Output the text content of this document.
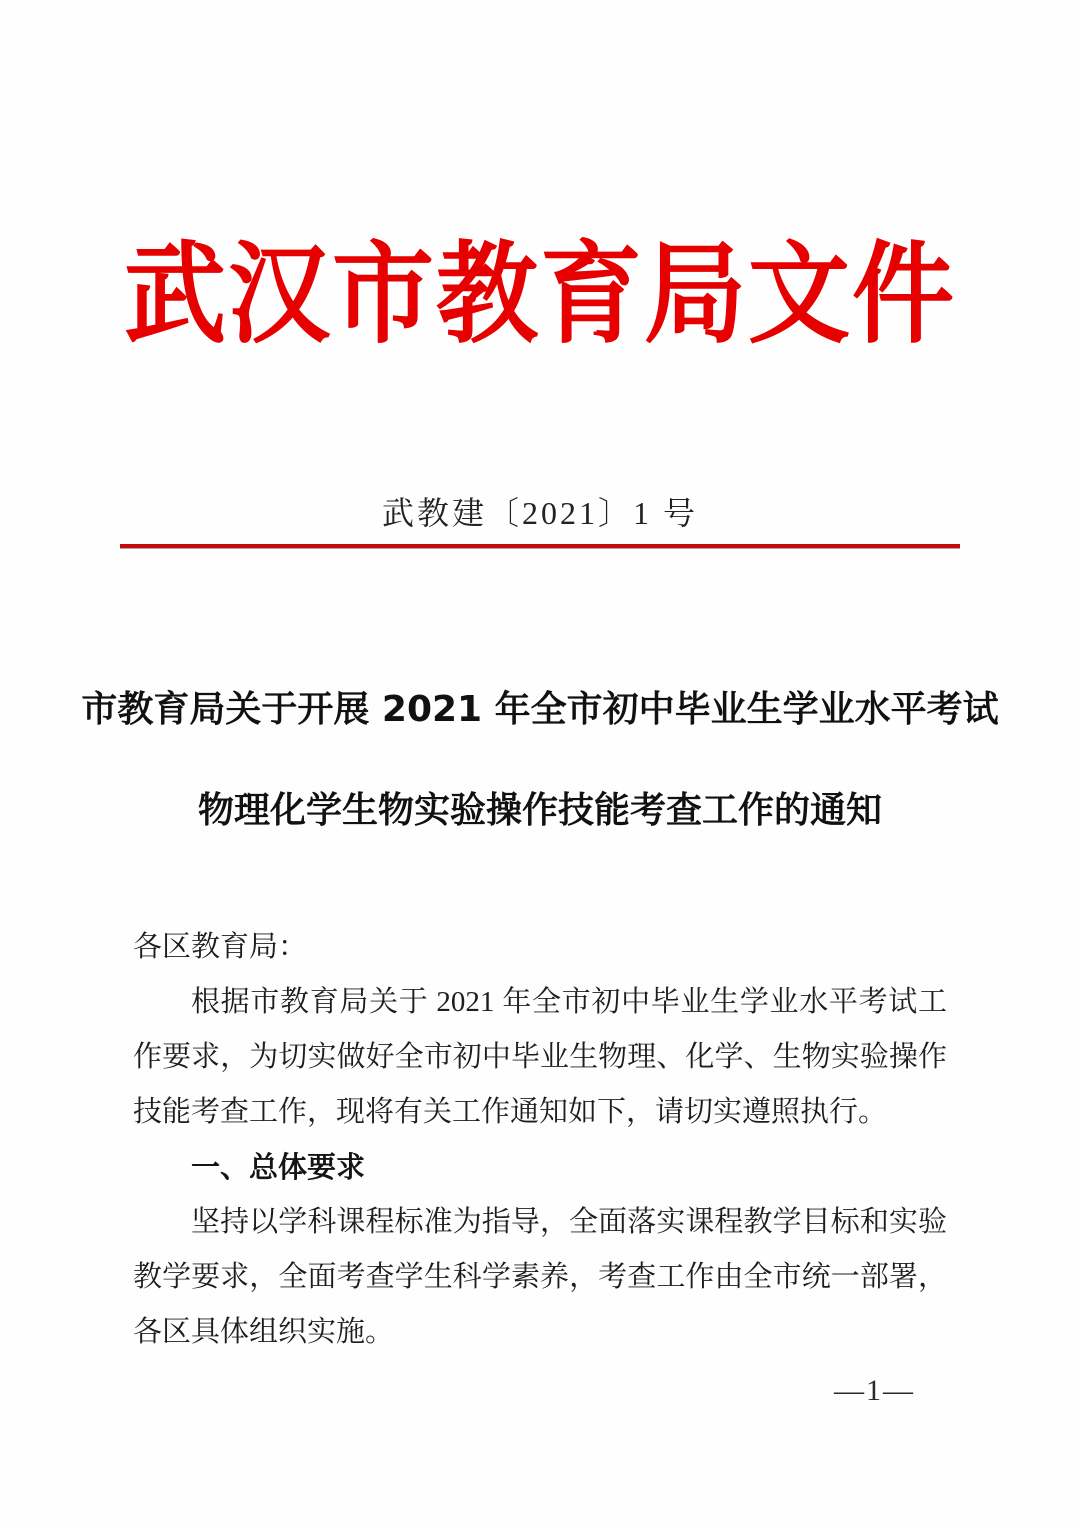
武汉市教育局文件
武教建〔2021〕1 号
市教育局关于开展 2021 年全市初中毕业生学业水平考试
物理化学生物实验操作技能考查工作的通知

各区教育局：

根据市教育局关于 2021 年全市初中毕业生学业水平考试工

作要求，为切实做好全市初中毕业生物理、化学、生物实验操作

技能考查工作，现将有关工作通知如下，请切实遵照执行。

一、总体要求

坚持以学科课程标准为指导，全面落实课程教学目标和实验

教学要求，全面考查学生科学素养，考查工作由全市统一部署，

各区具体组织实施。

—1—
